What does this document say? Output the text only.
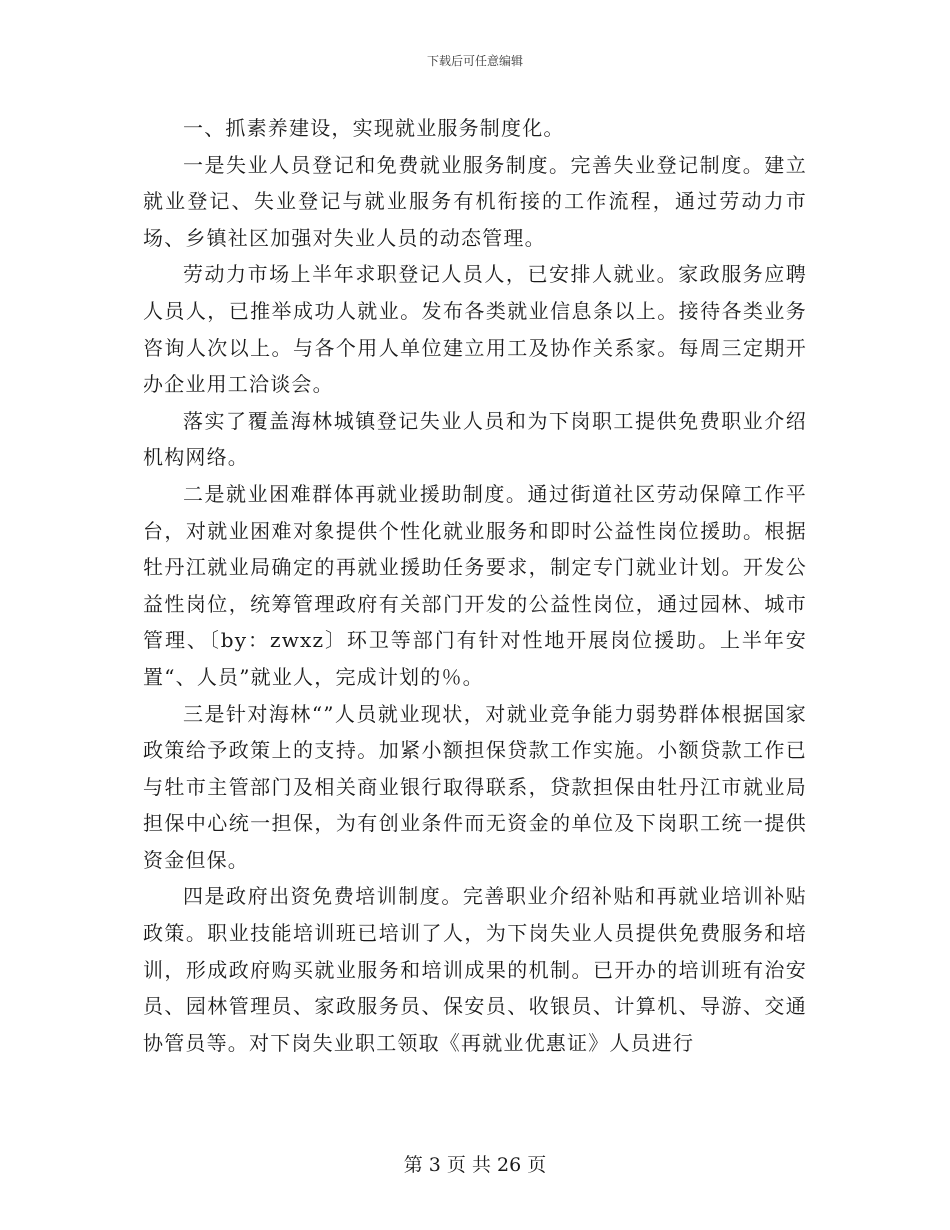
下载后可任意编辑

一、抓素养建设，实现就业服务制度化。

一是失业人员登记和免费就业服务制度。完善失业登记制度。建立就业登记、失业登记与就业服务有机衔接的工作流程，通过劳动力市场、乡镇社区加强对失业人员的动态管理。

劳动力市场上半年求职登记人员人，已安排人就业。家政服务应聘人员人，已推举成功人就业。发布各类就业信息条以上。接待各类业务咨询人次以上。与各个用人单位建立用工及协作关系家。每周三定期开办企业用工洽谈会。

落实了覆盖海林城镇登记失业人员和为下岗职工提供免费职业介绍机构网络。

二是就业困难群体再就业援助制度。通过街道社区劳动保障工作平台，对就业困难对象提供个性化就业服务和即时公益性岗位援助。根据牡丹江就业局确定的再就业援助任务要求，制定专门就业计划。开发公益性岗位，统筹管理政府有关部门开发的公益性岗位，通过园林、城市管理、〔by：zwxz〕环卫等部门有针对性地开展岗位援助。上半年安置“、人员”就业人，完成计划的％。

三是针对海林“”人员就业现状，对就业竞争能力弱势群体根据国家政策给予政策上的支持。加紧小额担保贷款工作实施。小额贷款工作已与牡市主管部门及相关商业银行取得联系，贷款担保由牡丹江市就业局担保中心统一担保，为有创业条件而无资金的单位及下岗职工统一提供资金但保。

四是政府出资免费培训制度。完善职业介绍补贴和再就业培训补贴政策。职业技能培训班已培训了人，为下岗失业人员提供免费服务和培训，形成政府购买就业服务和培训成果的机制。已开办的培训班有治安员、园林管理员、家政服务员、保安员、收银员、计算机、导游、交通协管员等。对下岗失业职工领取《再就业优惠证》人员进行

第 3 页 共 26 页
